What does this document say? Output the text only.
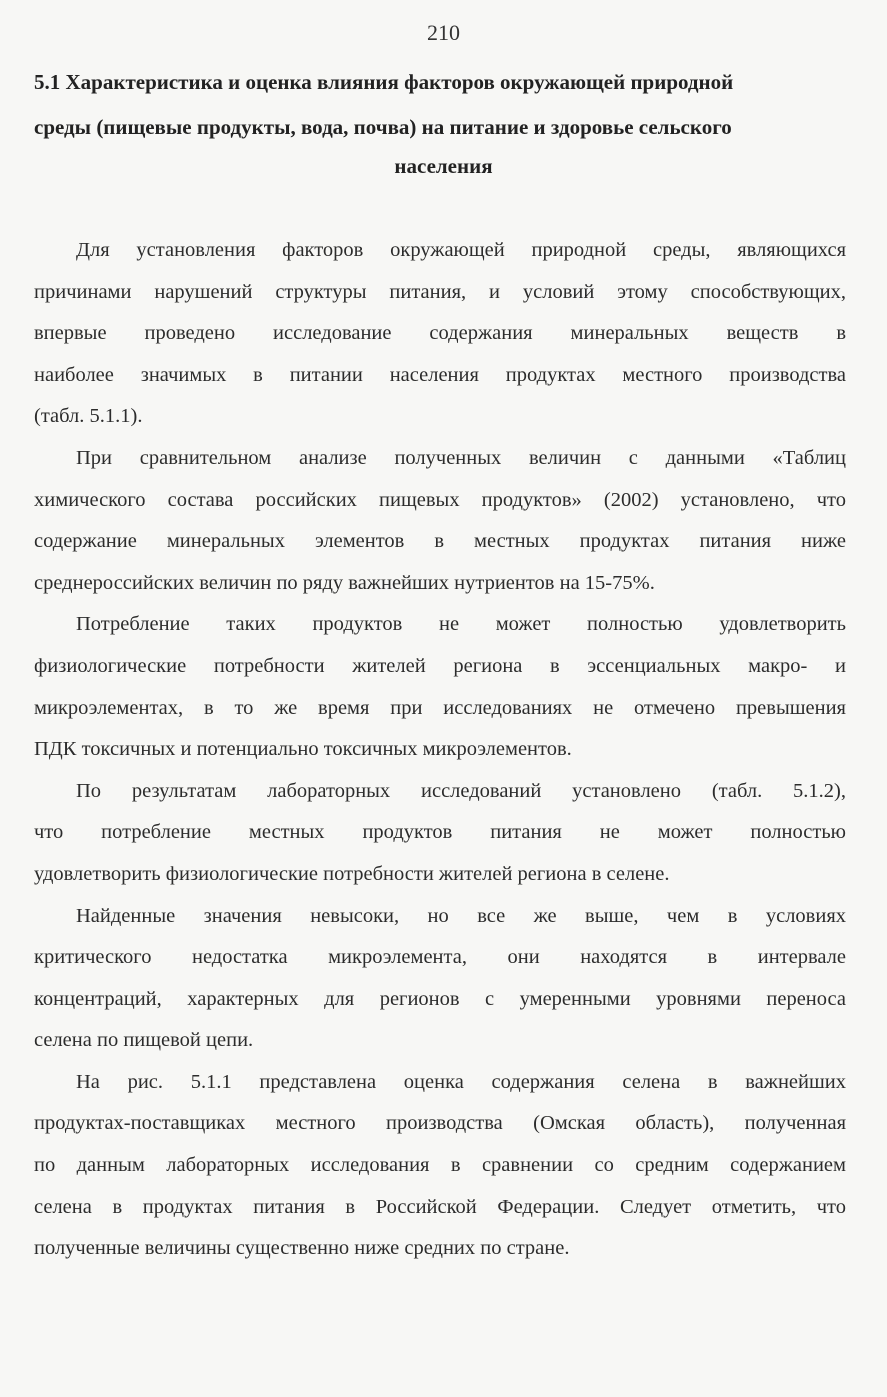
210
5.1 Характеристика и оценка влияния факторов окружающей природной
среды (пищевые продукты, вода, почва) на питание и здоровье сельского
населения
Для установления факторов окружающей природной среды, являющихся
причинами нарушений структуры питания, и условий этому способствующих,
впервые проведено исследование содержания минеральных веществ в
наиболее значимых в питании населения продуктах местного производства
(табл. 5.1.1).
При сравнительном анализе полученных величин с данными «Таблиц
химического состава российских пищевых продуктов» (2002) установлено, что
содержание минеральных элементов в местных продуктах питания ниже
среднероссийских величин по ряду важнейших нутриентов на 15-75%.
Потребление таких продуктов не может полностью удовлетворить
физиологические потребности жителей региона в эссенциальных макро- и
микроэлементах, в то же время при исследованиях не отмечено превышения
ПДК токсичных и потенциально токсичных микроэлементов.
По результатам лабораторных исследований установлено (табл. 5.1.2),
что потребление местных продуктов питания не может полностью
удовлетворить физиологические потребности жителей региона в селене.
Найденные значения невысоки, но все же выше, чем в условиях
критического недостатка микроэлемента, они находятся в интервале
концентраций, характерных для регионов с умеренными уровнями переноса
селена по пищевой цепи.
На рис. 5.1.1 представлена оценка содержания селена в важнейших
продуктах-поставщиках местного производства (Омская область), полученная
по данным лабораторных исследования в сравнении со средним содержанием
селена в продуктах питания в Российской Федерации. Следует отметить, что
полученные величины существенно ниже средних по стране.
